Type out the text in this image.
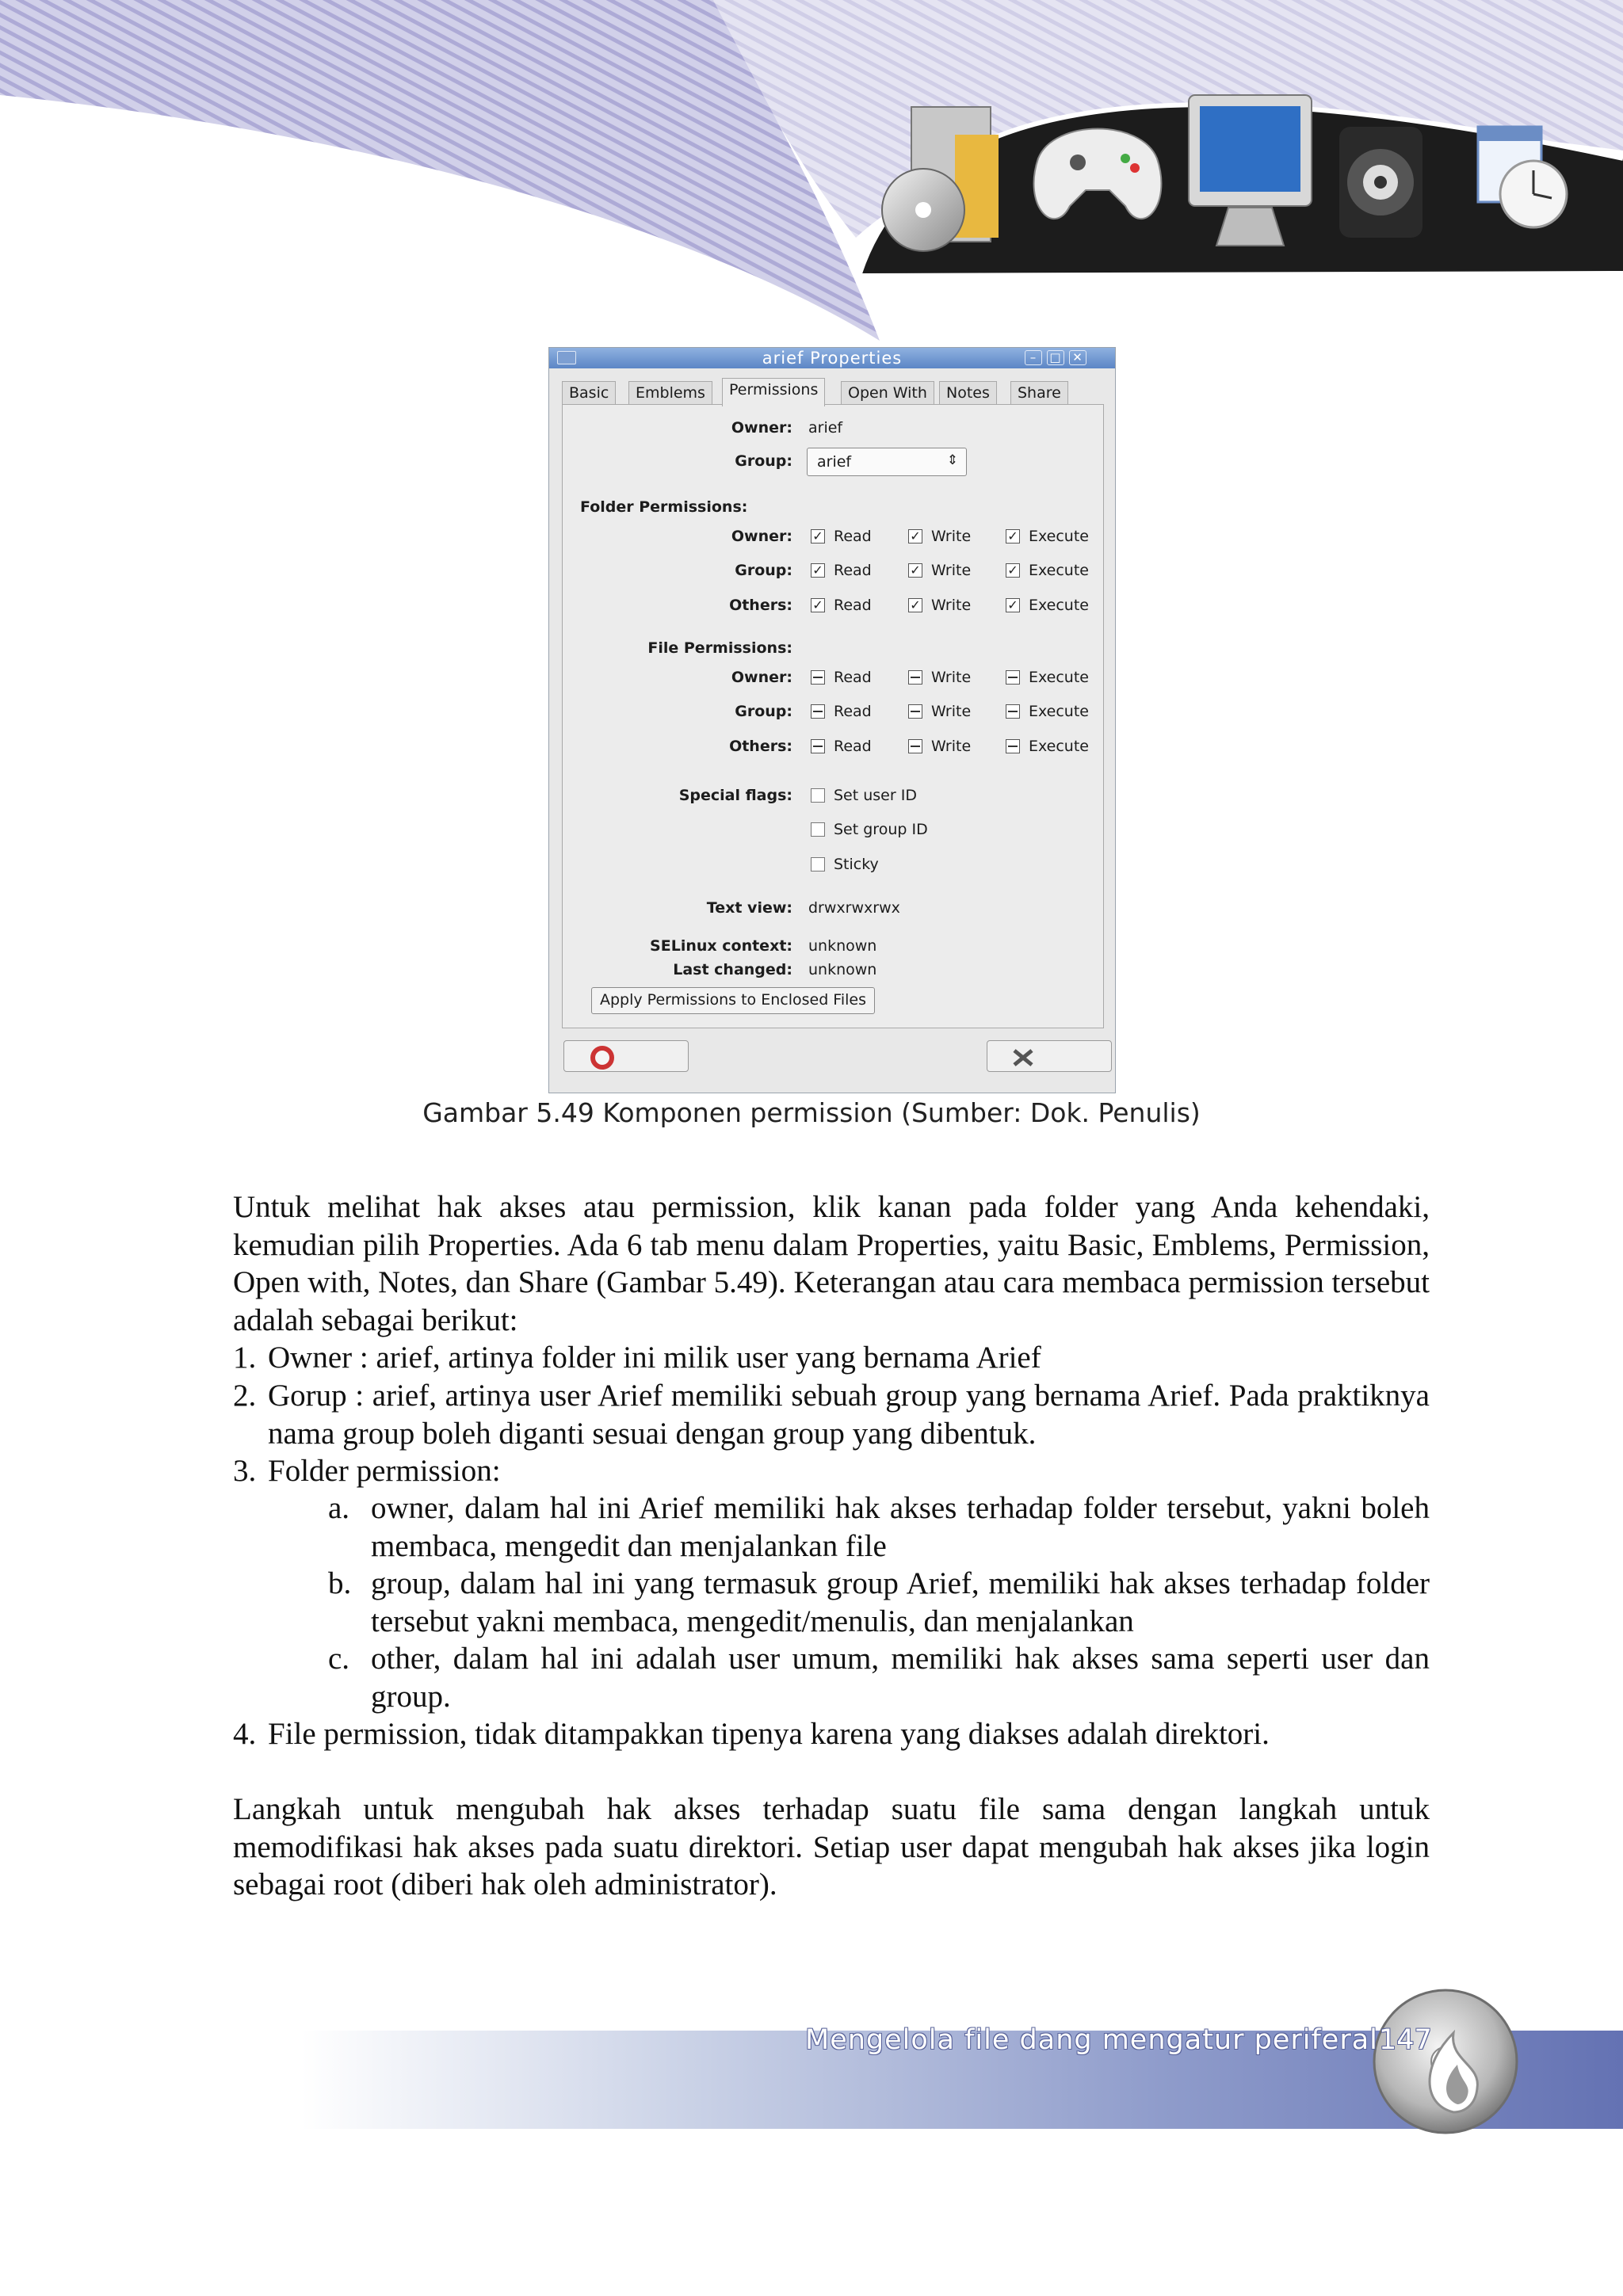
arief Properties	–	□ ✕
Basic	Emblems	Permissions	Open With	Notes	Share
Owner: arief
Group: arief	⇕
Folder Permissions:
Owner: ✓ Read	✓ Write	✓ Execute
Group: ✓ Read	✓ Write	✓ Execute
Others: ✓ Read	✓ Write	✓ Execute
File Permissions:
Owner:	Read	Write	Execute
Group:	Read	Write	Execute
Others:	Read	Write	Execute
Special flags:	Set user ID
Set group ID
Sticky
Text view: drwxrwxrwx
SELinux context: unknown
Last changed: unknown
Apply Permissions to Enclosed Files
Gambar 5.49 Komponen permission (Sumber: Dok. Penulis)
Untuk melihat hak akses atau permission, klik kanan pada folder yang Anda kehendaki, kemudian pilih Properties. Ada 6 tab menu dalam Properties, yaitu Basic, Emblems, Permission, Open with, Notes, dan Share (Gambar 5.49). Keterangan atau cara membaca permission tersebut adalah sebagai berikut:
1. Owner : arief, artinya folder ini milik user yang bernama Arief
2. Gorup : arief, artinya user Arief memiliki sebuah group yang bernama Arief. Pada praktiknya nama group boleh diganti sesuai dengan group yang dibentuk.
3. Folder permission:
a. owner, dalam hal ini Arief memiliki hak akses terhadap folder tersebut, yakni boleh membaca, mengedit dan menjalankan file
b. group, dalam hal ini yang termasuk group Arief, memiliki hak akses terhadap folder tersebut yakni membaca, mengedit/menulis, dan menjalankan
c. other, dalam hal ini adalah user umum, memiliki hak akses sama seperti user dan group.
4. File permission, tidak ditampakkan tipenya karena yang diakses adalah direktori.
Langkah untuk mengubah hak akses terhadap suatu file sama dengan langkah untuk memodifikasi hak akses pada suatu direktori. Setiap user dapat mengubah hak akses jika login sebagai root (diberi hak oleh administrator).
Mengelola file dang mengatur periferal 147
